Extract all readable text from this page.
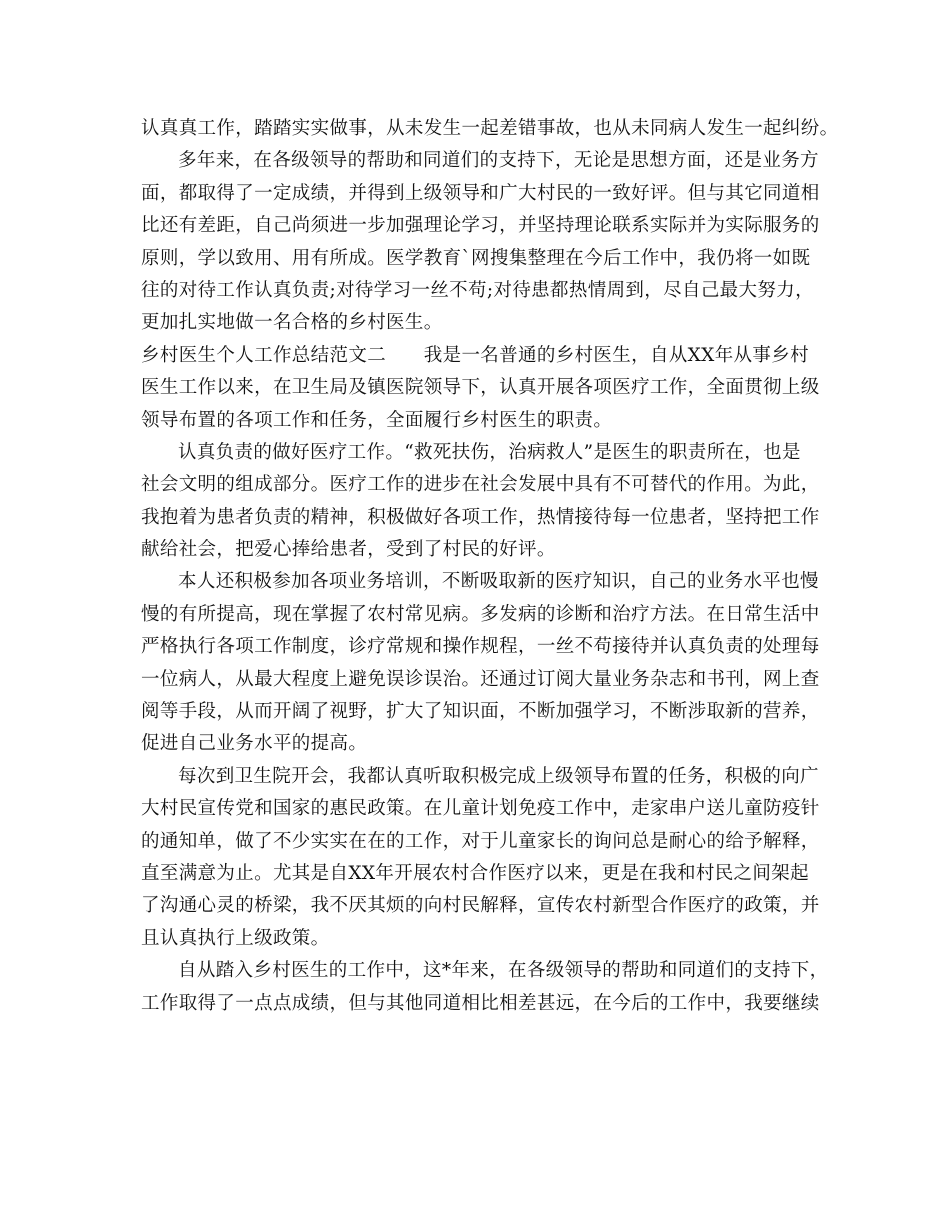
认真真工作，踏踏实实做事，从未发生一起差错事故，也从未同病人发生一起纠纷。
多年来，在各级领导的帮助和同道们的支持下，无论是思想方面，还是业务方
面，都取得了一定成绩，并得到上级领导和广大村民的一致好评。但与其它同道相
比还有差距，自己尚须进一步加强理论学习，并坚持理论联系实际并为实际服务的
原则，学以致用、用有所成。医学教育`网搜集整理在今后工作中，我仍将一如既
往的对待工作认真负责;对待学习一丝不苟;对待患都热情周到，尽自己最大努力，
更加扎实地做一名合格的乡村医生。
乡村医生个人工作总结范文二　　我是一名普通的乡村医生，自从XX年从事乡村
医生工作以来，在卫生局及镇医院领导下，认真开展各项医疗工作，全面贯彻上级
领导布置的各项工作和任务，全面履行乡村医生的职责。
认真负责的做好医疗工作。“救死扶伤，治病救人”是医生的职责所在，也是
社会文明的组成部分。医疗工作的进步在社会发展中具有不可替代的作用。为此，
我抱着为患者负责的精神，积极做好各项工作，热情接待每一位患者，坚持把工作
献给社会，把爱心捧给患者，受到了村民的好评。
本人还积极参加各项业务培训，不断吸取新的医疗知识，自己的业务水平也慢
慢的有所提高，现在掌握了农村常见病。多发病的诊断和治疗方法。在日常生活中
严格执行各项工作制度，诊疗常规和操作规程，一丝不苟接待并认真负责的处理每
一位病人，从最大程度上避免误诊误治。还通过订阅大量业务杂志和书刊，网上查
阅等手段，从而开阔了视野，扩大了知识面，不断加强学习，不断涉取新的营养，
促进自己业务水平的提高。
每次到卫生院开会，我都认真听取积极完成上级领导布置的任务，积极的向广
大村民宣传党和国家的惠民政策。在儿童计划免疫工作中，走家串户送儿童防疫针
的通知单，做了不少实实在在的工作，对于儿童家长的询问总是耐心的给予解释，
直至满意为止。尤其是自XX年开展农村合作医疗以来，更是在我和村民之间架起
了沟通心灵的桥梁，我不厌其烦的向村民解释，宣传农村新型合作医疗的政策，并
且认真执行上级政策。
自从踏入乡村医生的工作中，这*年来，在各级领导的帮助和同道们的支持下，
工作取得了一点点成绩，但与其他同道相比相差甚远，在今后的工作中，我要继续
